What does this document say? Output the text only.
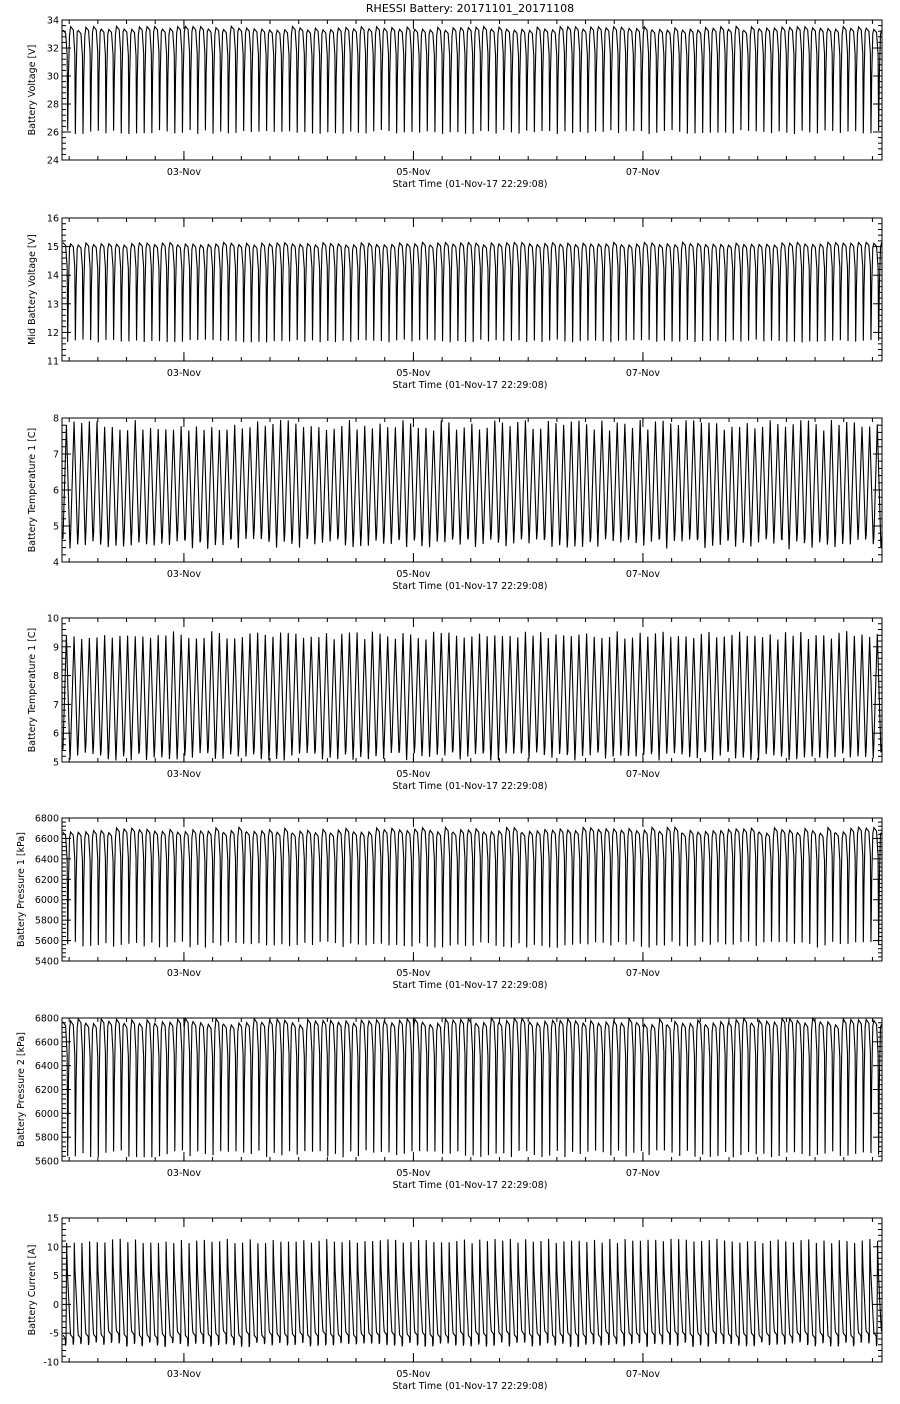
RHESSI Battery: 20171101_20171108
03-Nov	05-Nov	07-Nov
Start Time (01-Nov-17 22:29:08)
24
26
28
30
32
34
Battery Voltage [V]
03-Nov	05-Nov	07-Nov
Start Time (01-Nov-17 22:29:08)
11
12
13
14
15
16
Mid Battery Voltage [V]
03-Nov	05-Nov	07-Nov
Start Time (01-Nov-17 22:29:08)
4
5
6
7
8
Battery Temperature 1 [C]
03-Nov	05-Nov	07-Nov
Start Time (01-Nov-17 22:29:08)
5
6
7
8
9
10
Battery Temperature 1 [C]
03-Nov	05-Nov	07-Nov
Start Time (01-Nov-17 22:29:08)
5400
5600
5800
6000
6200
6400
6600
6800
Battery Pressure 1 [kPa]
03-Nov	05-Nov	07-Nov
Start Time (01-Nov-17 22:29:08)
5600
5800
6000
6200
6400
6600
6800
Battery Pressure 2 [kPa]
03-Nov	05-Nov	07-Nov
Start Time (01-Nov-17 22:29:08)
-10
-5
0
5
10
15
Battery Current [A]
